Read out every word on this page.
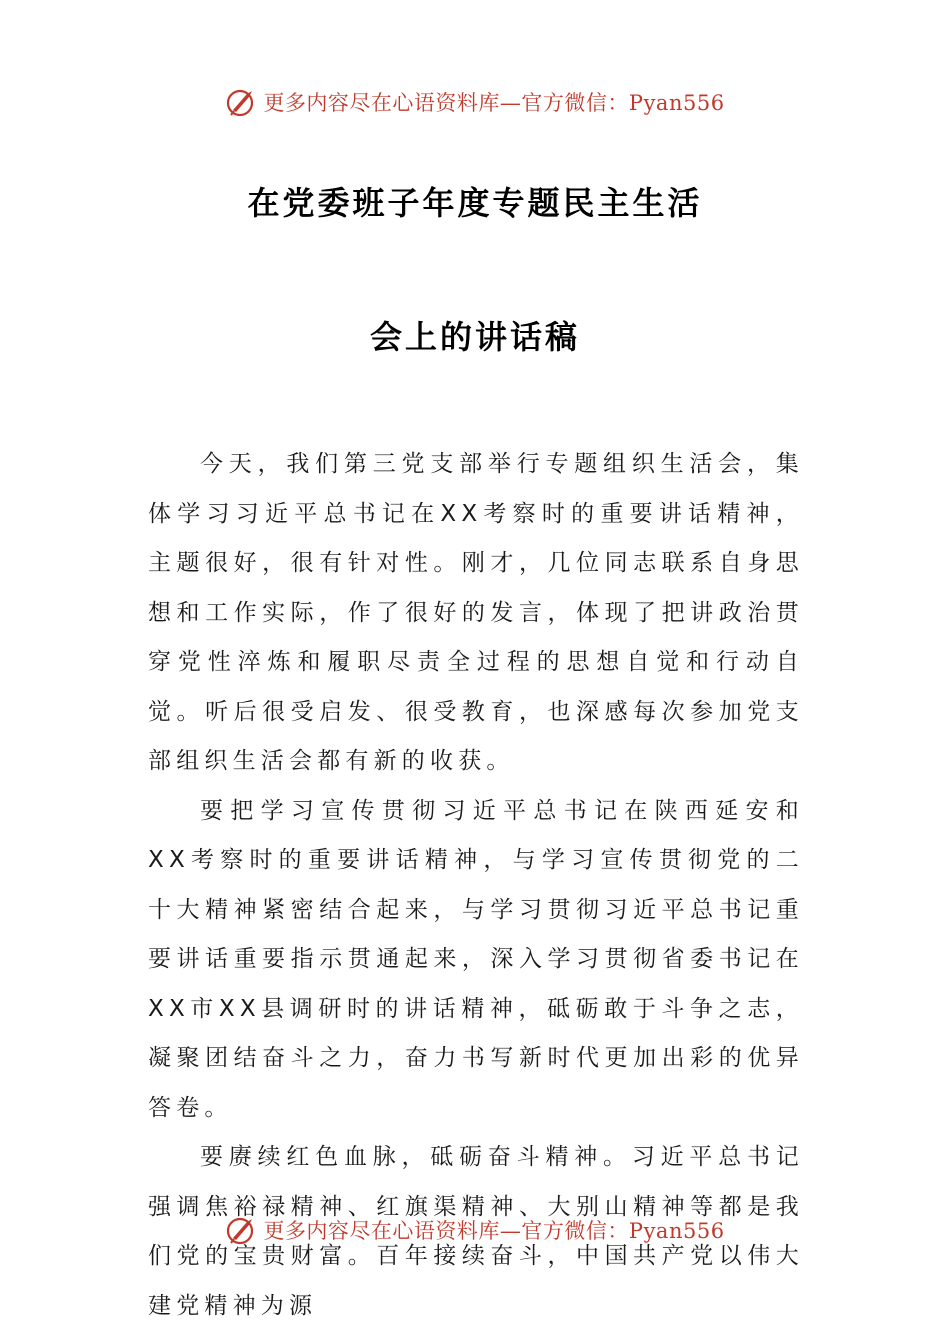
更多内容尽在心语资料库—官方微信：Pyan556
在党委班子年度专题民主生活
会上的讲话稿

今天，我们第三党支部举行专题组织生活会，集体学习习近平总书记在XX考察时的重要讲话精神，主题很好，很有针对性。刚才，几位同志联系自身思想和工作实际，作了很好的发言，体现了把讲政治贯穿党性淬炼和履职尽责全过程的思想自觉和行动自觉。听后很受启发、很受教育，也深感每次参加党支部组织生活会都有新的收获。

要把学习宣传贯彻习近平总书记在陕西延安和XX考察时的重要讲话精神，与学习宣传贯彻党的二十大精神紧密结合起来，与学习贯彻习近平总书记重要讲话重要指示贯通起来，深入学习贯彻省委书记在XX市XX县调研时的讲话精神，砥砺敢于斗争之志，凝聚团结奋斗之力，奋力书写新时代更加出彩的优异答卷。

要赓续红色血脉，砥砺奋斗精神。习近平总书记强调焦裕禄精神、红旗渠精神、大别山精神等都是我们党的宝贵财富。百年接续奋斗，中国共产党以伟大建党精神为源

更多内容尽在心语资料库—官方微信：Pyan556
